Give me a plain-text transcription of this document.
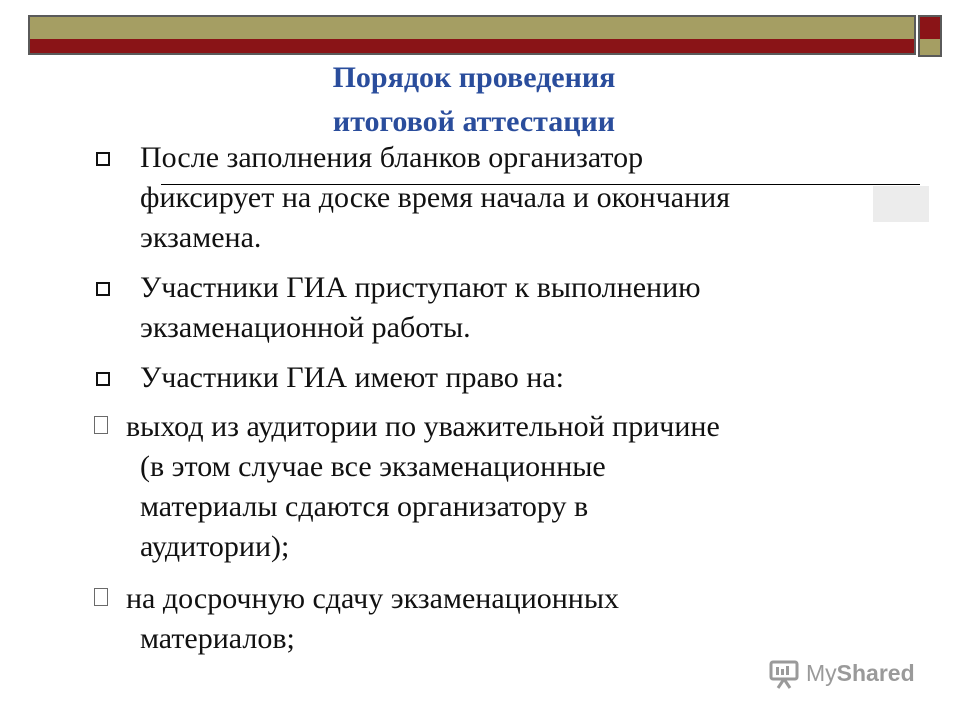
Порядок проведения
итоговой аттестации
После заполнения бланков организатор
фиксирует на доске время начала и окончания
экзамена.
Участники ГИА приступают к выполнению
экзаменационной работы.
Участники ГИА имеют право на:
выход из аудитории по уважительной причине
(в этом случае все экзаменационные
материалы сдаются организатору в
аудитории);
на досрочную сдачу экзаменационных
материалов;
MyShared
